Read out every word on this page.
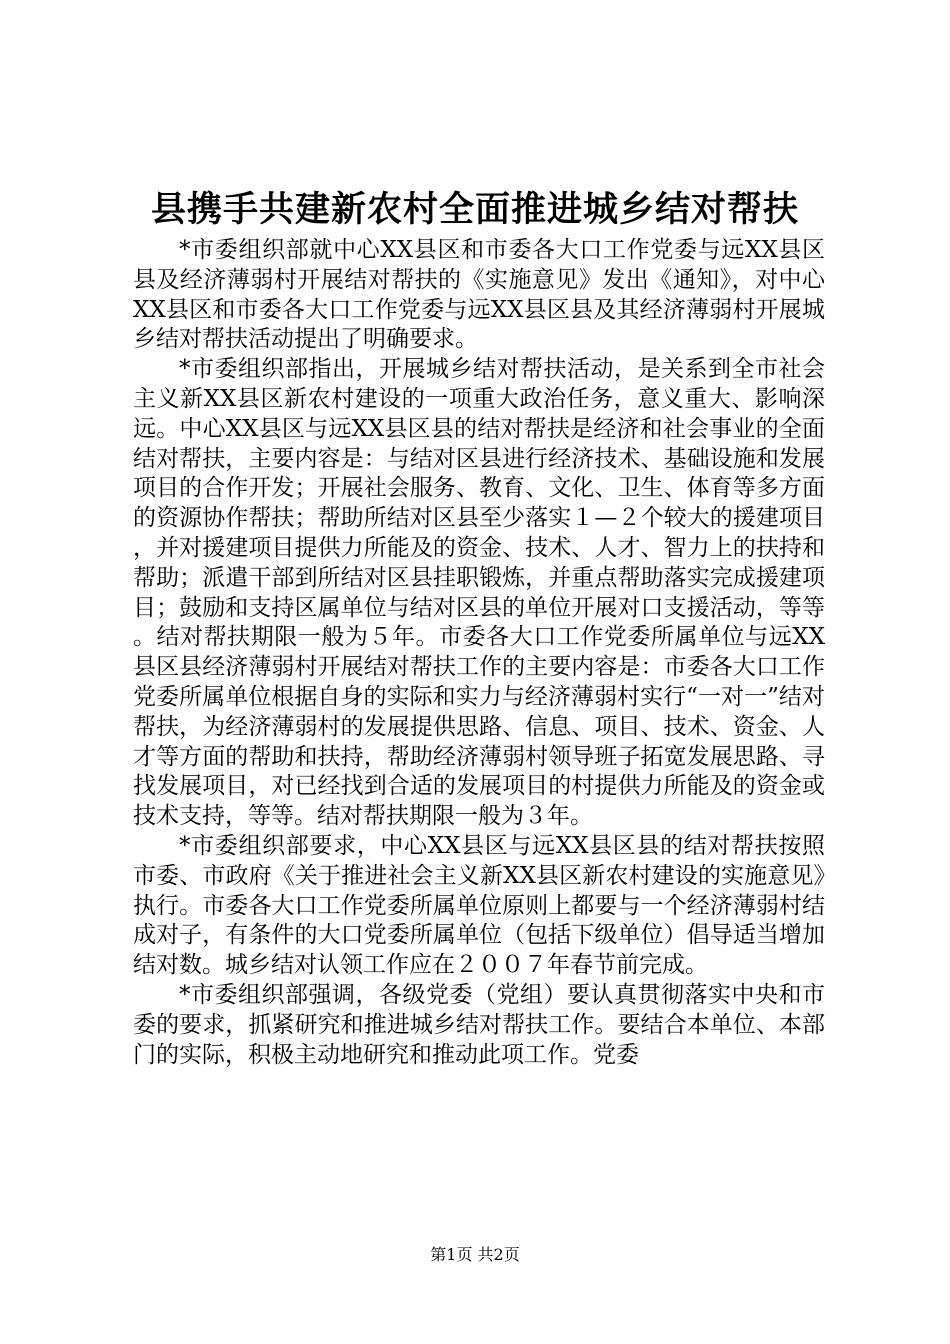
县携手共建新农村全面推进城乡结对帮扶

*市委组织部就中心XX县区和市委各大口工作党委与远XX县区县及经济薄弱村开展结对帮扶的《实施意见》发出《通知》，对中心XX县区和市委各大口工作党委与远XX县区县及其经济薄弱村开展城乡结对帮扶活动提出了明确要求。

*市委组织部指出，开展城乡结对帮扶活动，是关系到全市社会主义新XX县区新农村建设的一项重大政治任务，意义重大、影响深远。中心XX县区与远XX县区县的结对帮扶是经济和社会事业的全面结对帮扶，主要内容是：与结对区县进行经济技术、基础设施和发展项目的合作开发；开展社会服务、教育、文化、卫生、体育等多方面的资源协作帮扶；帮助所结对区县至少落实１—２个较大的援建项目，并对援建项目提供力所能及的资金、技术、人才、智力上的扶持和帮助；派遣干部到所结对区县挂职锻炼，并重点帮助落实完成援建项目；鼓励和支持区属单位与结对区县的单位开展对口支援活动，等等。结对帮扶期限一般为５年。市委各大口工作党委所属单位与远XX县区县经济薄弱村开展结对帮扶工作的主要内容是：市委各大口工作党委所属单位根据自身的实际和实力与经济薄弱村实行“一对一”结对帮扶，为经济薄弱村的发展提供思路、信息、项目、技术、资金、人才等方面的帮助和扶持，帮助经济薄弱村领导班子拓宽发展思路、寻找发展项目，对已经找到合适的发展项目的村提供力所能及的资金或技术支持，等等。结对帮扶期限一般为３年。

*市委组织部要求，中心XX县区与远XX县区县的结对帮扶按照市委、市政府《关于推进社会主义新XX县区新农村建设的实施意见》执行。市委各大口工作党委所属单位原则上都要与一个经济薄弱村结成对子，有条件的大口党委所属单位（包括下级单位）倡导适当增加结对数。城乡结对认领工作应在２００７年春节前完成。

*市委组织部强调，各级党委（党组）要认真贯彻落实中央和市委的要求，抓紧研究和推进城乡结对帮扶工作。要结合本单位、本部门的实际，积极主动地研究和推动此项工作。党委

第1页 共2页
